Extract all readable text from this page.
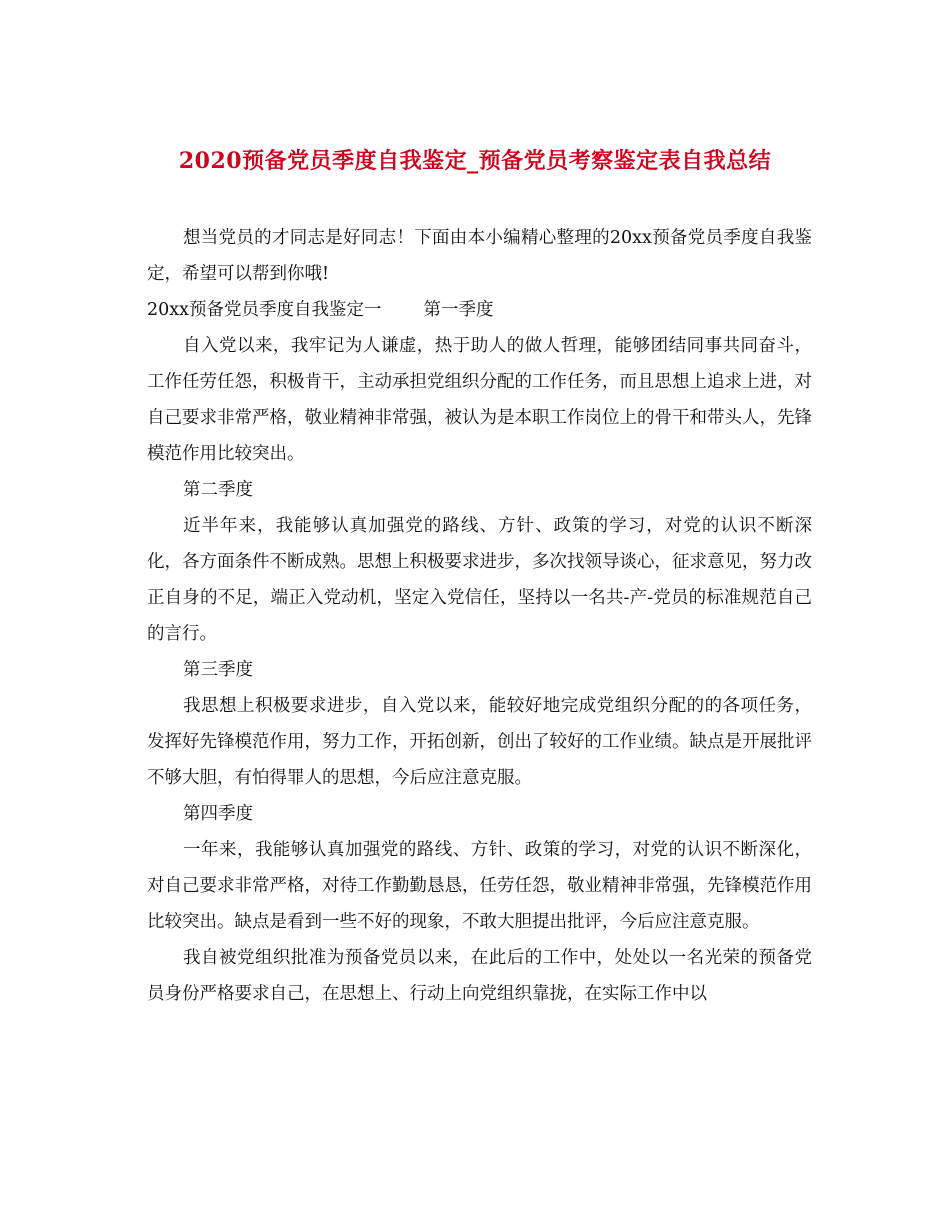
2020预备党员季度自我鉴定_预备党员考察鉴定表自我总结

想当党员的才同志是好同志！下面由本小编精心整理的20xx预备党员季度自我鉴定，希望可以帮到你哦!

20xx预备党员季度自我鉴定一 第一季度

自入党以来，我牢记为人谦虚，热于助人的做人哲理，能够团结同事共同奋斗，工作任劳任怨，积极肯干，主动承担党组织分配的工作任务，而且思想上追求上进，对自己要求非常严格，敬业精神非常强，被认为是本职工作岗位上的骨干和带头人，先锋模范作用比较突出。

第二季度

近半年来，我能够认真加强党的路线、方针、政策的学习，对党的认识不断深化，各方面条件不断成熟。思想上积极要求进步，多次找领导谈心，征求意见，努力改正自身的不足，端正入党动机，坚定入党信任，坚持以一名共-产-党员的标准规范自己的言行。

第三季度

我思想上积极要求进步，自入党以来，能较好地完成党组织分配的的各项任务，发挥好先锋模范作用，努力工作，开拓创新，创出了较好的工作业绩。缺点是开展批评不够大胆，有怕得罪人的思想，今后应注意克服。

第四季度

一年来，我能够认真加强党的路线、方针、政策的学习，对党的认识不断深化，对自己要求非常严格，对待工作勤勤恳恳，任劳任怨，敬业精神非常强，先锋模范作用比较突出。缺点是看到一些不好的现象，不敢大胆提出批评，今后应注意克服。

我自被党组织批准为预备党员以来，在此后的工作中，处处以一名光荣的预备党员身份严格要求自己，在思想上、行动上向党组织靠拢，在实际工作中以
